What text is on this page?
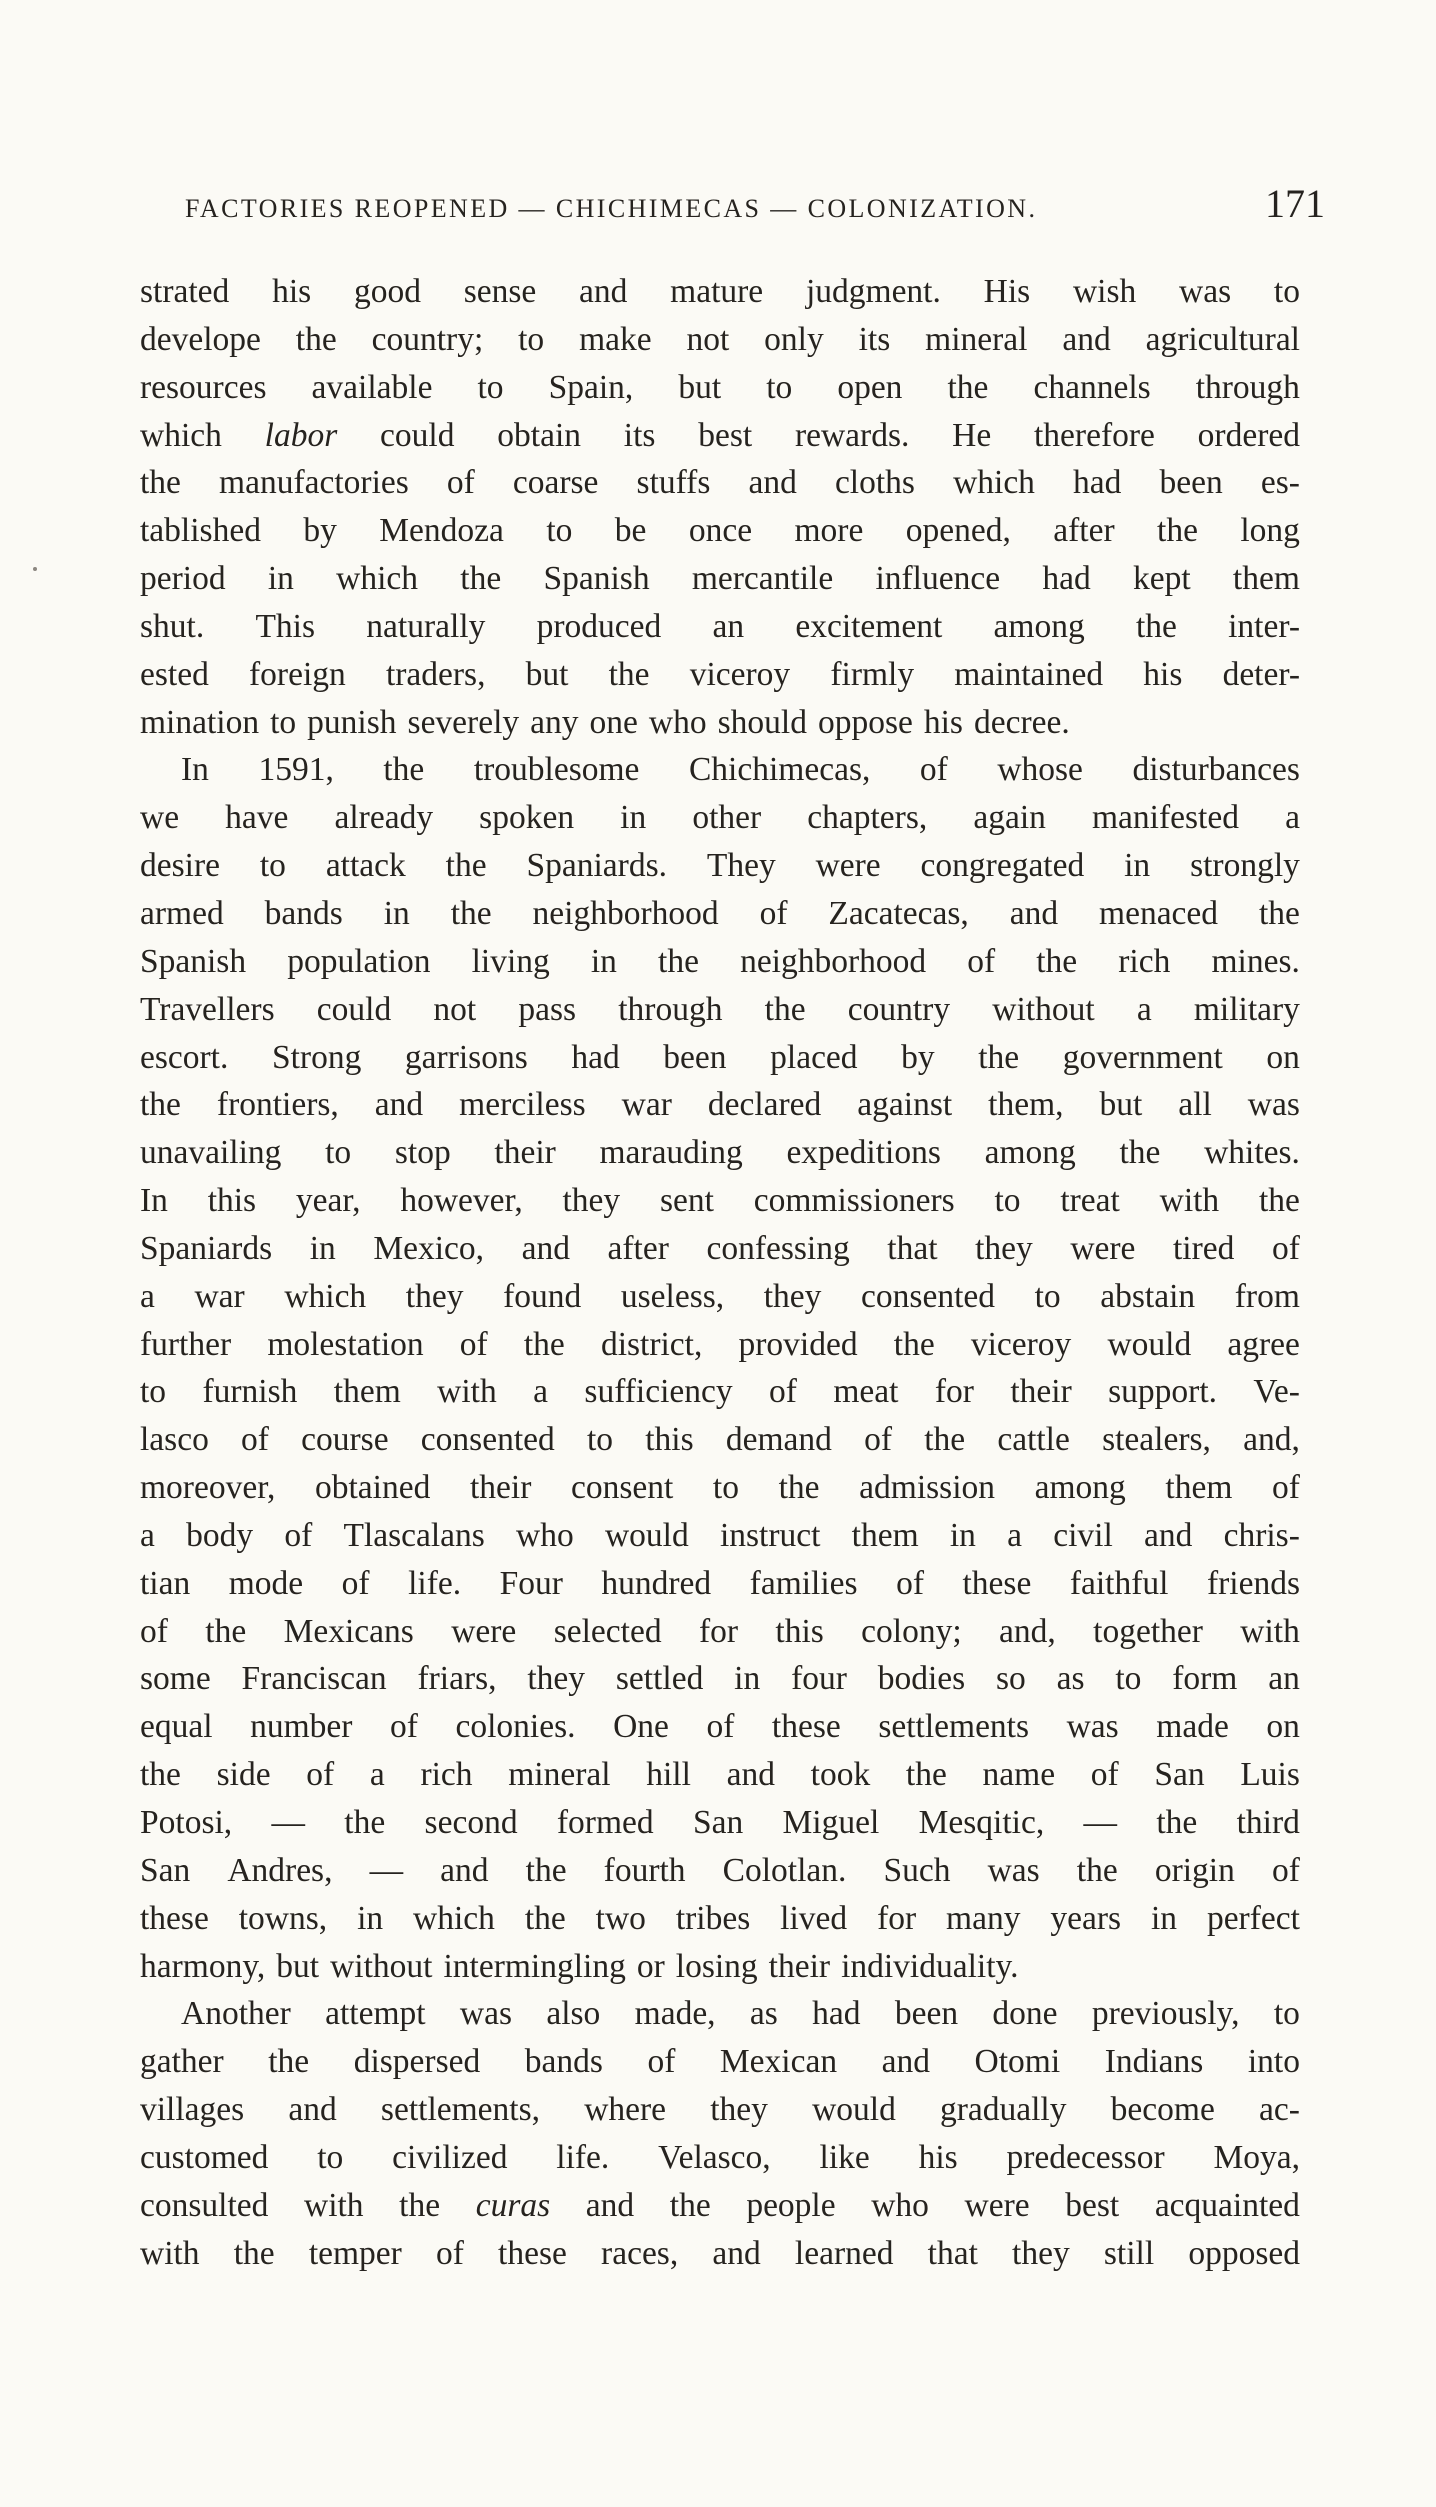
FACTORIES REOPENED — CHICHIMECAS — COLONIZATION.	171
strated his good sense and mature judgment. His wish was to
develope the country; to make not only its mineral and agricultural
resources available to Spain, but to open the channels through
which labor could obtain its best rewards. He therefore ordered
the manufactories of coarse stuffs and cloths which had been es-
tablished by Mendoza to be once more opened, after the long
period in which the Spanish mercantile influence had kept them
shut. This naturally produced an excitement among the inter-
ested foreign traders, but the viceroy firmly maintained his deter-
mination to punish severely any one who should oppose his decree.
In 1591, the troublesome Chichimecas, of whose disturbances
we have already spoken in other chapters, again manifested a
desire to attack the Spaniards. They were congregated in strongly
armed bands in the neighborhood of Zacatecas, and menaced the
Spanish population living in the neighborhood of the rich mines.
Travellers could not pass through the country without a military
escort. Strong garrisons had been placed by the government on
the frontiers, and merciless war declared against them, but all was
unavailing to stop their marauding expeditions among the whites.
In this year, however, they sent commissioners to treat with the
Spaniards in Mexico, and after confessing that they were tired of
a war which they found useless, they consented to abstain from
further molestation of the district, provided the viceroy would agree
to furnish them with a sufficiency of meat for their support. Ve-
lasco of course consented to this demand of the cattle stealers, and,
moreover, obtained their consent to the admission among them of
a body of Tlascalans who would instruct them in a civil and chris-
tian mode of life. Four hundred families of these faithful friends
of the Mexicans were selected for this colony; and, together with
some Franciscan friars, they settled in four bodies so as to form an
equal number of colonies. One of these settlements was made on
the side of a rich mineral hill and took the name of San Luis
Potosi, — the second formed San Miguel Mesqitic, — the third
San Andres, — and the fourth Colotlan. Such was the origin of
these towns, in which the two tribes lived for many years in perfect
harmony, but without intermingling or losing their individuality.
Another attempt was also made, as had been done previously, to
gather the dispersed bands of Mexican and Otomi Indians into
villages and settlements, where they would gradually become ac-
customed to civilized life. Velasco, like his predecessor Moya,
consulted with the curas and the people who were best acquainted
with the temper of these races, and learned that they still opposed
